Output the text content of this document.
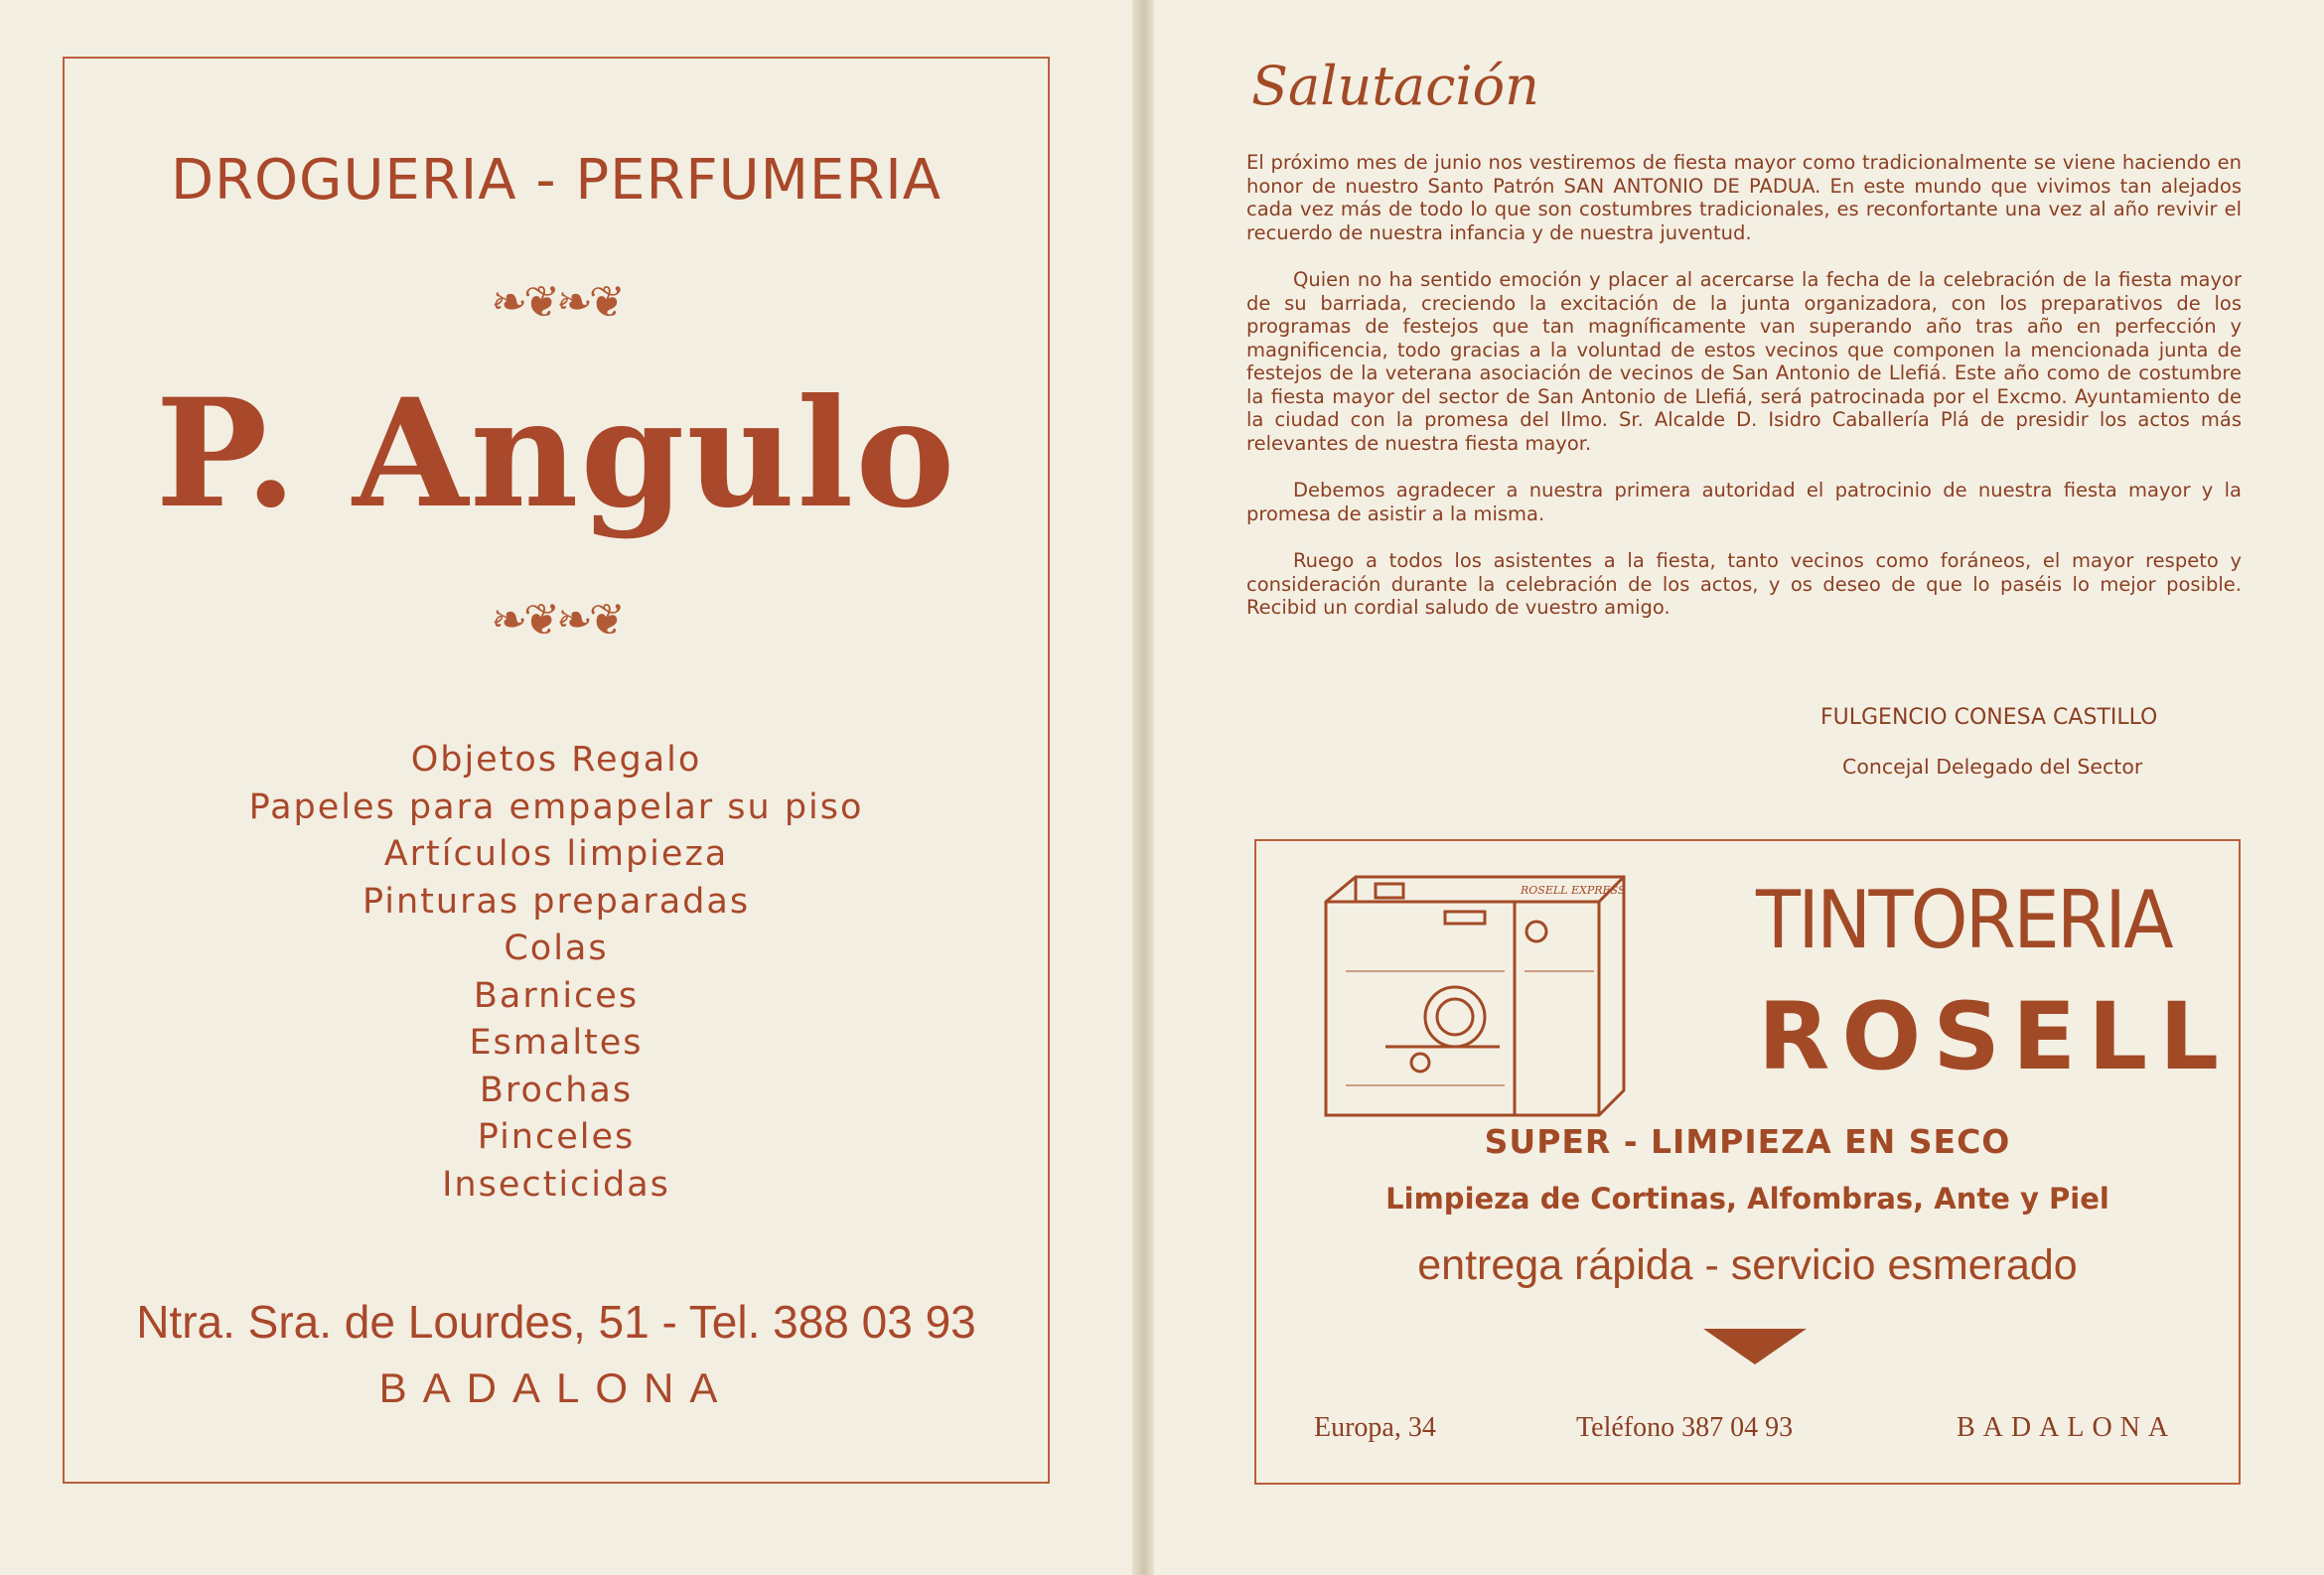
DROGUERIA - PERFUMERIA
❧❦❧❦
P. Angulo
❧❦❧❦
Objetos Regalo
Papeles para empapelar su piso
Artículos limpieza
Pinturas preparadas
Colas
Barnices
Esmaltes
Brochas
Pinceles
Insecticidas
Ntra. Sra. de Lourdes, 51 - Tel. 388 03 93
BADALONA
Salutación

El próximo mes de junio nos vestiremos de fiesta mayor como tradicionalmente se viene haciendo en honor de nuestro Santo Patrón SAN ANTONIO DE PADUA. En este mundo que vivimos tan alejados cada vez más de todo lo que son costumbres tradicionales, es reconfortante una vez al año revivir el recuerdo de nuestra infancia y de nuestra juventud.

Quien no ha sentido emoción y placer al acercarse la fecha de la celebración de la fiesta mayor de su barriada, creciendo la excitación de la junta organizadora, con los preparativos de los programas de festejos que tan magníficamente van superando año tras año en perfección y magnificencia, todo gracias a la voluntad de estos vecinos que componen la mencionada junta de festejos de la veterana asociación de vecinos de San Antonio de Llefiá. Este año como de costumbre la fiesta mayor del sector de San Antonio de Llefiá, será patrocinada por el Excmo. Ayuntamiento de la ciudad con la promesa del Ilmo. Sr. Alcalde D. Isidro Caballería Plá de presidir los actos más relevantes de nuestra fiesta mayor.

Debemos agradecer a nuestra primera autoridad el patrocinio de nuestra fiesta mayor y la promesa de asistir a la misma.

Ruego a todos los asistentes a la fiesta, tanto vecinos como foráneos, el mayor respeto y consideración durante la celebración de los actos, y os deseo de que lo paséis lo mejor posible. Recibid un cordial saludo de vuestro amigo.

FULGENCIO CONESA CASTILLO
Concejal Delegado del Sector
ROSELL EXPRESS TINTORERIA
ROSELL
SUPER - LIMPIEZA EN SECO
Limpieza de Cortinas, Alfombras, Ante y Piel
entrega rápida - servicio esmerado
Europa, 34	Teléfono 387 04 93	BADALONA
